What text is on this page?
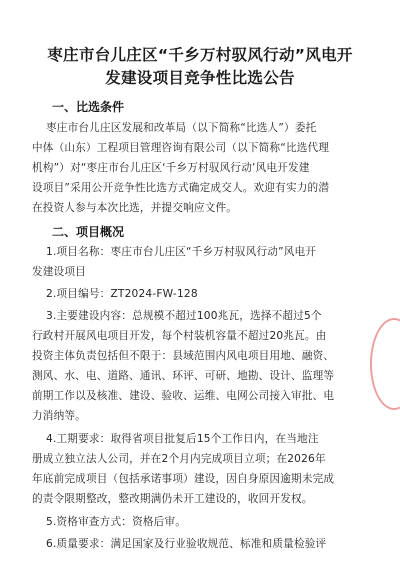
枣庄市台儿庄区“千乡万村驭风行动”风电开
发建设项目竞争性比选公告
一、比选条件
枣庄市台儿庄区发展和改革局（以下简称“比选人”）委托
中体（山东）工程项目管理咨询有限公司（以下简称“比选代理
机构”）对“枣庄市台儿庄区‘千乡万村驭风行动’风电开发建
设项目”采用公开竞争性比选方式确定成交人。欢迎有实力的潜
在投资人参与本次比选，并提交响应文件。
二、项目概况
1.项目名称：枣庄市台儿庄区“千乡万村驭风行动”风电开
发建设项目
2.项目编号：ZT2024-FW-128
3.主要建设内容：总规模不超过100兆瓦，选择不超过5个
行政村开展风电项目开发，每个村装机容量不超过20兆瓦。由
投资主体负责包括但不限于：县域范围内风电项目用地、融资、
测风、水、电、道路、通讯、环评、可研、地勘、设计、监理等
前期工作以及核准、建设、验收、运维、电网公司接入审批、电
力消纳等。
4.工期要求：取得省项目批复后15个工作日内，在当地注
册成立独立法人公司，并在2个月内完成项目立项；在2026年
年底前完成项目（包括承诺事项）建设，因自身原因逾期未完成
的责令限期整改，整改期满仍未开工建设的，收回开发权。
5.资格审查方式：资格后审。
6.质量要求：满足国家及行业验收规范、标准和质量检验评
